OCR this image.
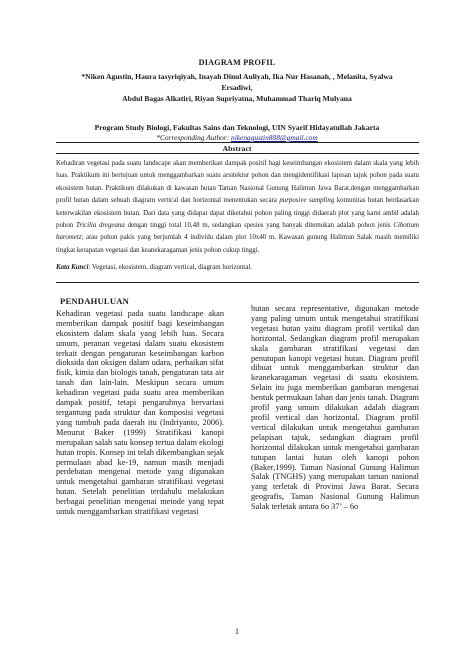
DIAGRAM PROFIL
*Niken Agustin, Haura tasyriqiyah, Inayah Dinul Auliyah, Ika Nur Hasanah, , Melanita, Syalwa
Ersadiwi,
Abdul Bagas Alkatiri, Riyan Supriyatna, Muhammad Thariq Mulyana
Program Study Biologi, Fakultas Sains dan Teknologi, UIN Syarif Hidayatullah Jakarta
*Corresponding Author: nikenagustin888@gmail.com
Abstract

Kehadiran vegetasi pada suatu landscape akan memberikan dampak positif bagi keseimbangan ekosistem dalam skala yang lebih luas. Praktikum ini bertujuan untuk menggambarkan suatu arsitektur pohon dan mengidentifikasi lapisan tajuk pohon pada suatu ekosistem hutan. Praktikum dilakukan di kawasan hutan Taman Nasional Gunung Halimun Jawa Barat,dengan menggambarkan profil hutan dalam sebuah diagram vertical dan horizontal menentukan secara purposive sampling komunitas hutan berdasarkan keterwakilan ekosistem hutan. Dari data yang didapat dapat diketahui pohon paling tinggi didaerah plot yang kami ambil adalah pohon Tricilia dregeana dengan tinggi total 10,48 m, sedangkan spesies yang banyak ditemukan adalah pohon jenis Cibotium barometz; atau pohon pakis yang berjumlah 4 individu dalam plot 10x40 m. Kawasan gunung Halimun Salak masih memiliki tingkat kerapatan vegetasi dan keanekaragaman jenis pohon cukup tinggi.

Kata Kunci: Vegetasi, ekosistem, diagram vertical, diagram horizontal.
PENDAHULUAN

Kehadiran vegetasi pada suatu landscape akan memberikan dampak positif bagi keseimbangan ekosistem dalam skala yang lebih luas. Secara umum, peranan vegetasi dalam suatu ekosistem terkait dengan pengaturan keseimbangan karbon dioksida dan oksigen dalam udara, perbaikan sifat fisik, kimia dan biologis tanah, pengaturan tata air tanah dan lain-lain. Meskipun secara umum kehadiran vegetasi pada suatu area memberikan dampak positif, tetapi pengaruhnya bervariasi tergantung pada struktur dan komposisi vegetasi yang tumbuh pada daerah itu (Indriyanto, 2006). Menurut Baker (1999) Stratifikasi kanopi merupakan salah satu konsep tertua dalam ekologi hutan tropis. Konsep ini telah dikembangkan sejak permulaan abad ke-19, namun masih menjadi perdebatan mengenai metode yang digunakan untuk mengetahui gambaran stratifikasi vegetasi hutan. Setelah penelitian terdahulu melakukan berbagai penelitian mengenai metode yang tepat untuk menggambarkan stratifikasi vegetasi

hutan secara representative, digunakan metode yang paling umum untuk mengetahui stratifikasi vegetasi hutan yaitu diagram profil vertikal dan horizontal. Sedangkan diagram profil merupakan skala gambaran stratifikasi vegetasi dan penutupan kanopi vegetasi hutan. Diagram profil dibuat untuk menggambarkan struktur dan keanekaragaman vegetasi di suatu ekosistem. Selain itu juga memberikan gambaran mengenai bentuk permukaan lahan dan jenis tanah. Diagram profil yang umum dilakukan adalah diagram profil vertical dan horizontal. Diagram profil vertical dilakukan untuk mengetahui gambaran pelapisan tajuk, sedangkan diagram profil horizontal dilakukan untuk mengetahui gambaran tutupan lantai hutan oleh kanopi pohon (Baker,1999). Taman Nasional Gunung Halimun Salak (TNGHS) yang merupakan taman nasional yang terletak di Provinsi Jawa Barat. Secara geografis, Taman Nasional Gunung Halimun Salak terletak antara 6o 37’ – 6o

1
